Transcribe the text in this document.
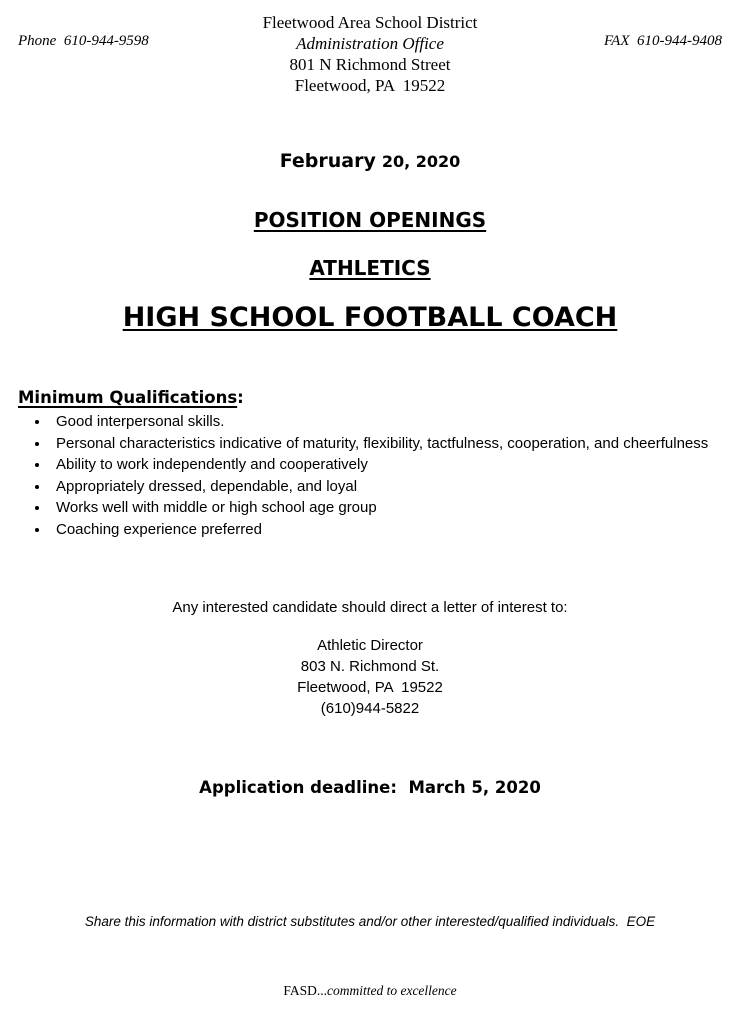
Phone  610-944-9598	FAX  610-944-9408
Fleetwood Area School District
Administration Office
801 N Richmond Street
Fleetwood, PA  19522
February 20, 2020
POSITION OPENINGS
ATHLETICS
HIGH SCHOOL FOOTBALL COACH
Minimum Qualifications:
• Good interpersonal skills.
• Personal characteristics indicative of maturity, flexibility, tactfulness, cooperation, and cheerfulness
• Ability to work independently and cooperatively
• Appropriately dressed, dependable, and loyal
• Works well with middle or high school age group
• Coaching experience preferred
Any interested candidate should direct a letter of interest to:
Athletic Director
803 N. Richmond St.
Fleetwood, PA  19522
(610)944-5822
Application deadline:  March 5, 2020
Share this information with district substitutes and/or other interested/qualified individuals.  EOE
FASD...committed to excellence
